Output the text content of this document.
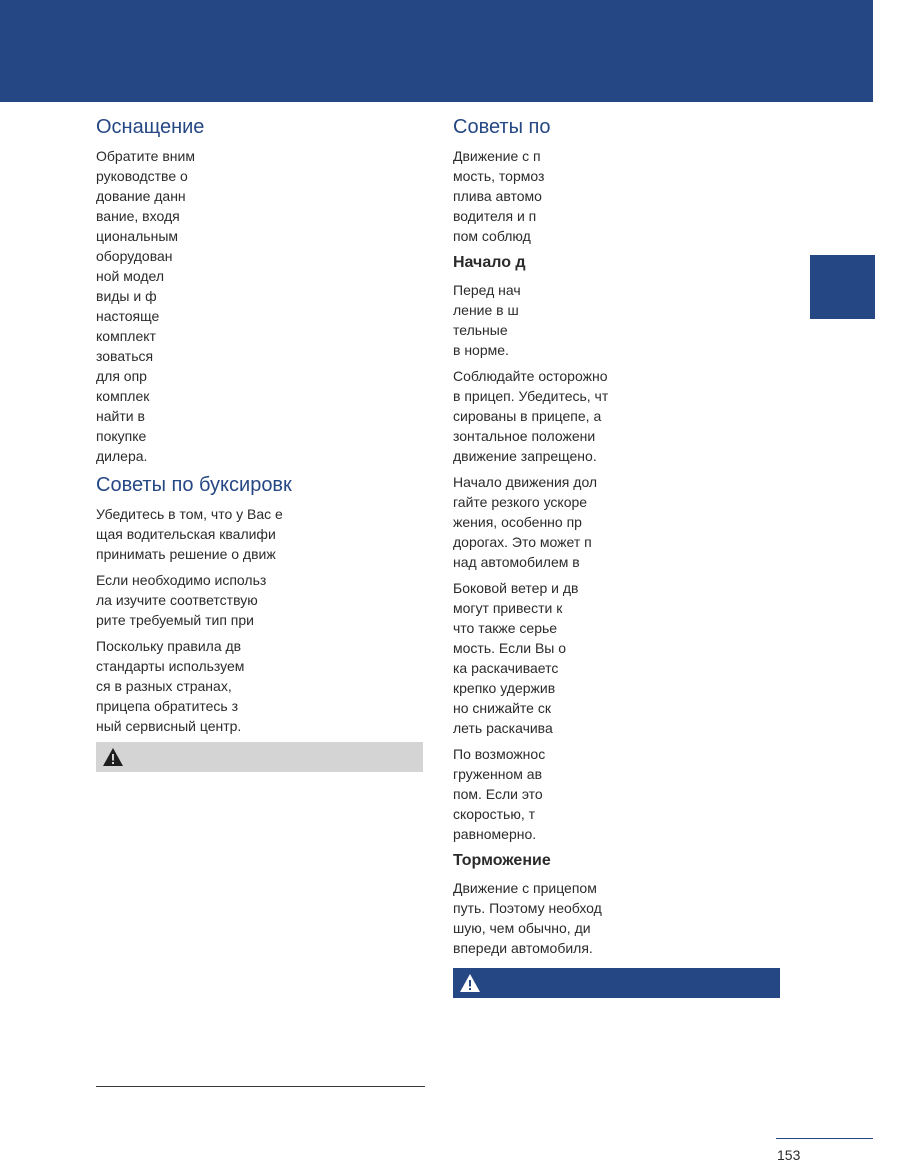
Оснащение
Обратите вним
руководстве о
дование данн
вание, входя
циональным
оборудован
ной модел
виды и ф
настояще
комплект
зоваться
для опр
комплек
найти в
покупке
дилера.
Советы по буксировк
Убедитесь в том, что у Вас е
щая водительская квалифи
принимать решение о движ
Если необходимо использ
ла изучите соответствую
рите требуемый тип при
Поскольку правила дв
стандарты используем
ся в разных странах,
прицепа обратитесь з
ный сервисный центр.
Советы по
Движение с п
мость, тормоз
плива автомо
водителя и п
пом соблюд
Начало д
Перед нач
ление в ш
тельные
в норме.
Соблюдайте осторожно
в прицеп. Убедитесь, чт
сированы в прицепе, а
зонтальное положени
движение запрещено.
Начало движения дол
гайте резкого ускоре
жения, особенно пр
дорогах. Это может п
над автомобилем в
Боковой ветер и дв
могут привести к
что также серье
мость. Если Вы о
ка раскачиваетс
крепко удержив
но снижайте ск
леть раскачива
По возможнос
груженном ав
пом. Если это
скоростью, т
равномерно.
Торможение
Движение с прицепом
путь. Поэтому необход
шую, чем обычно, ди
впереди автомобиля.
153
